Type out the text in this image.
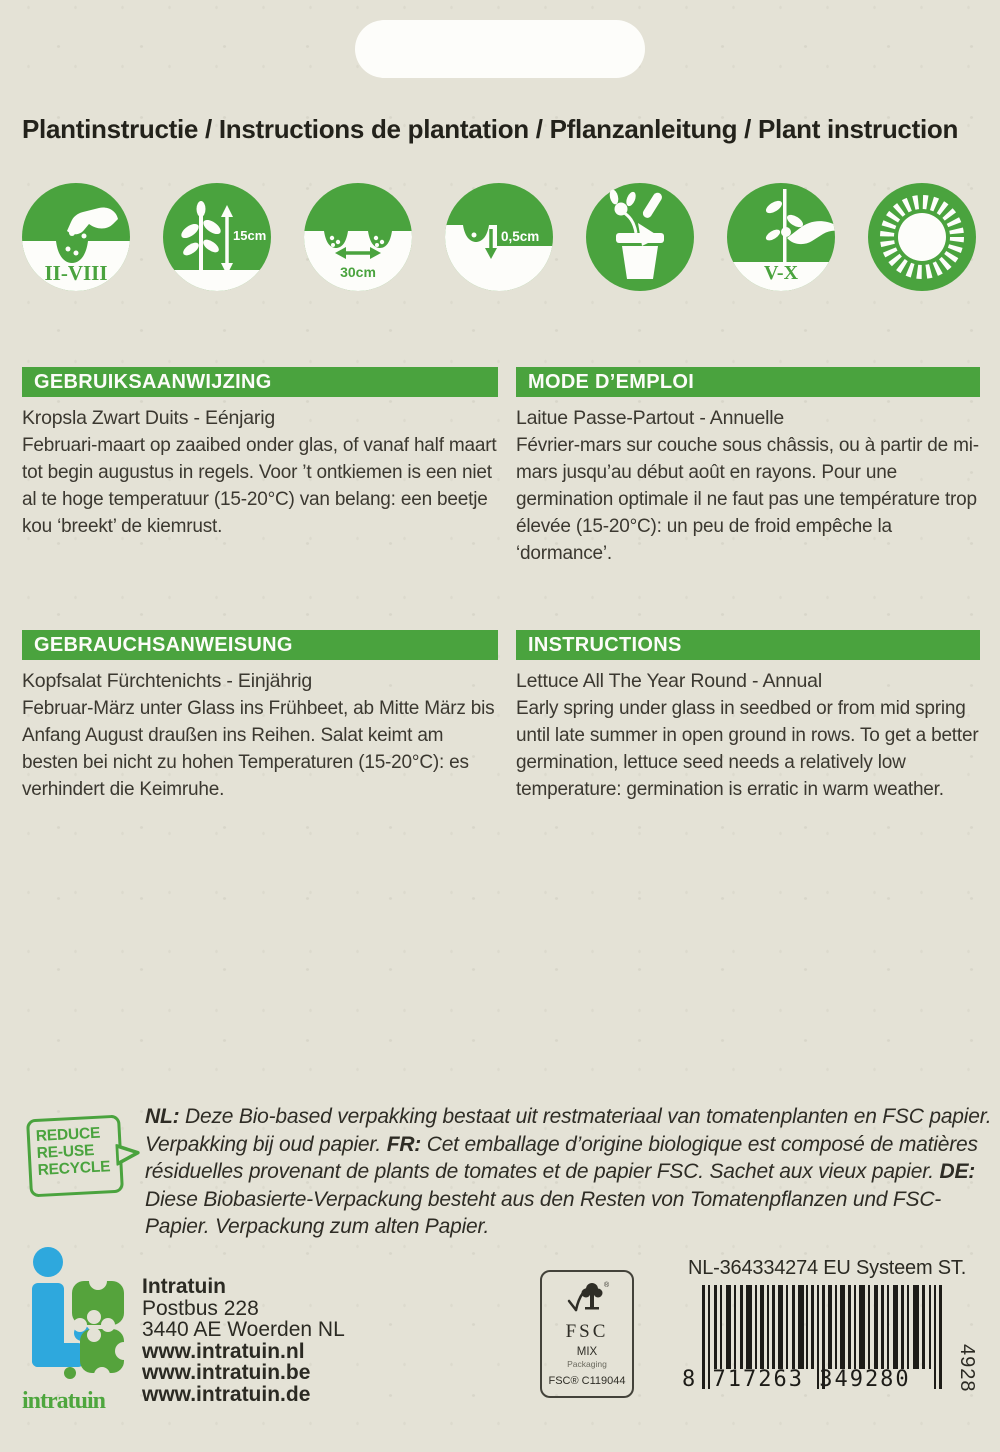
Plantinstructie / Instructions de plantation / Pflanzanleitung / Plant instruction
II-VIII
15cm
30cm
0,5cm
V-X
GEBRUIKSAANWIJZING
Kropsla Zwart Duits - Eénjarig
Februari-maart op zaaibed onder glas, of vanaf half maart tot begin augustus in regels. Voor ’t ontkiemen is een niet al te hoge temperatuur (15-20°C) van belang: een beetje kou ‘breekt’ de kiemrust.
MODE D’EMPLOI
Laitue Passe-Partout - Annuelle
Février-mars sur couche sous châssis, ou à partir de mi-mars jusqu’au début août en rayons. Pour une germination optimale il ne faut pas une température trop élevée (15-20°C): un peu de froid empêche la ‘dormance’.
GEBRAUCHSANWEISUNG
Kopfsalat Fürchtenichts - Einjährig
Februar-März unter Glass ins Frühbeet, ab Mitte März bis Anfang August draußen ins Reihen. Salat keimt am besten bei nicht zu hohen Temperaturen (15-20°C): es verhindert die Keimruhe.
INSTRUCTIONS
Lettuce All The Year Round - Annual
Early spring under glass in seedbed or from mid spring until late summer in open ground in rows. To get a better germination, lettuce seed needs a relatively low temperature: germination is erratic in warm weather.
REDUCE
RE-USE
RECYCLE
NL: Deze Bio-based verpakking bestaat uit restmateriaal van tomatenplanten en FSC papier. Verpakking bij oud papier. FR: Cet emballage d’origine biologique est composé de matières résiduelles provenant de plants de tomates et de papier FSC. Sachet aux vieux papier. DE: Diese Biobasierte-Verpackung besteht aus den Resten von Tomatenpflanzen und FSC-Papier. Verpackung zum alten Papier.
intratuin
Intratuin
Postbus 228
3440 AE Woerden NL
www.intratuin.nl
www.intratuin.be
www.intratuin.de
®
FSC
MIX
Packaging
FSC® C119044
NL-364334274 EU Systeem ST.
8 717263 349280 4928
